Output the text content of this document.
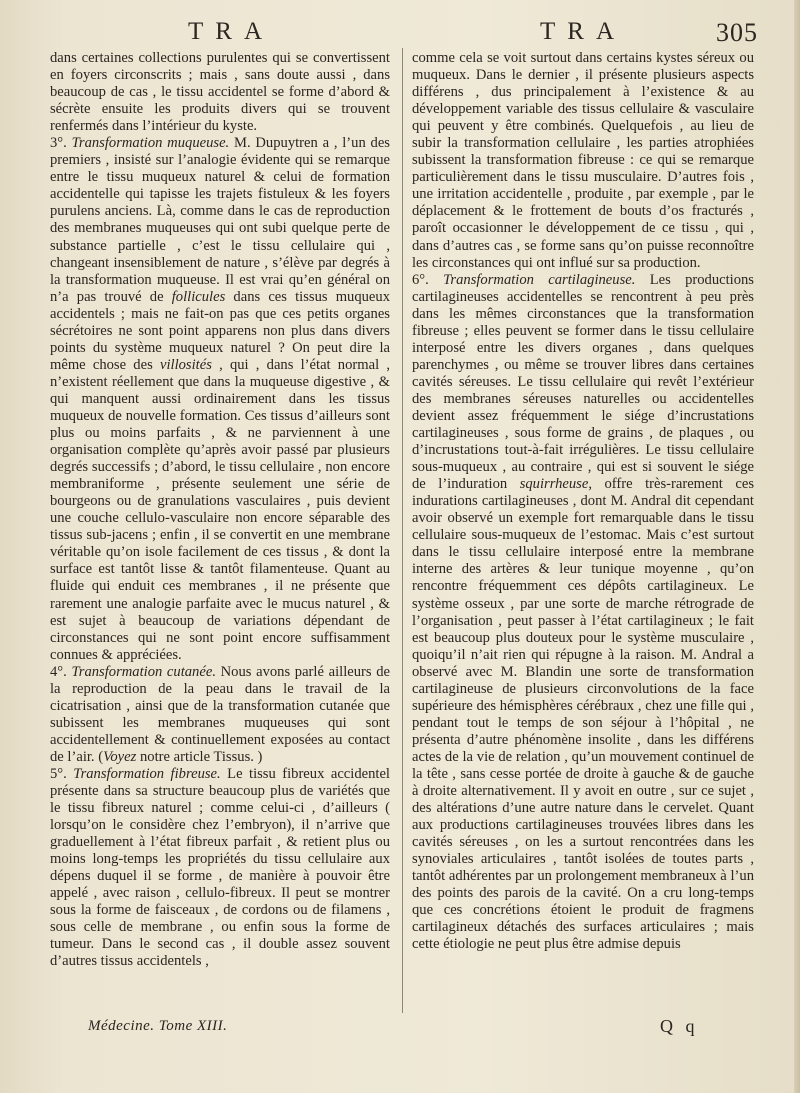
TRA	TRA	305

dans certaines collections purulentes qui se convertissent en foyers circonscrits ; mais , sans doute aussi , dans beaucoup de cas , le tissu accidentel se forme d’abord & sécrète ensuite les produits divers qui se trouvent renfermés dans l’intérieur du kyste.

3°. Transformation muqueuse. M. Dupuytren a , l’un des premiers , insisté sur l’analogie évidente qui se remarque entre le tissu muqueux naturel & celui de formation accidentelle qui tapisse les trajets fistuleux & les foyers purulens anciens. Là, comme dans le cas de reproduction des membranes muqueuses qui ont subi quelque perte de substance partielle , c’est le tissu cellulaire qui , changeant insensiblement de nature , s’élève par degrés à la transformation muqueuse. Il est vrai qu’en général on n’a pas trouvé de follicules dans ces tissus muqueux accidentels ; mais ne fait-on pas que ces petits organes sécrétoires ne sont point apparens non plus dans divers points du système muqueux naturel ? On peut dire la même chose des villosités , qui , dans l’état normal , n’existent réellement que dans la muqueuse digestive , & qui manquent aussi ordinairement dans les tissus muqueux de nouvelle formation. Ces tissus d’ailleurs sont plus ou moins parfaits , & ne parviennent à une organisation complète qu’après avoir passé par plusieurs degrés successifs ; d’abord, le tissu cellulaire , non encore membraniforme , présente seulement une série de bourgeons ou de granulations vasculaires , puis devient une couche cellulo-vasculaire non encore séparable des tissus sub-jacens ; enfin , il se convertit en une membrane véritable qu’on isole facilement de ces tissus , & dont la surface est tantôt lisse & tantôt filamenteuse. Quant au fluide qui enduit ces membranes , il ne présente que rarement une analogie parfaite avec le mucus naturel , & est sujet à beaucoup de variations dépendant de circonstances qui ne sont point encore suffisamment connues & appréciées.

4°. Transformation cutanée. Nous avons parlé ailleurs de la reproduction de la peau dans le travail de la cicatrisation , ainsi que de la transformation cutanée que subissent les membranes muqueuses qui sont accidentellement & continuellement exposées au contact de l’air. (Voyez notre article Tissus. )

5°. Transformation fibreuse. Le tissu fibreux accidentel présente dans sa structure beaucoup plus de variétés que le tissu fibreux naturel ; comme celui-ci , d’ailleurs ( lorsqu’on le considère chez l’embryon), il n’arrive que graduellement à l’état fibreux parfait , & retient plus ou moins long-temps les propriétés du tissu cellulaire aux dépens duquel il se forme , de manière à pouvoir être appelé , avec raison , cellulo-fibreux. Il peut se montrer sous la forme de faisceaux , de cordons ou de filamens , sous celle de membrane , ou enfin sous la forme de tumeur. Dans le second cas , il double assez souvent d’autres tissus accidentels ,

comme cela se voit surtout dans certains kystes séreux ou muqueux. Dans le dernier , il présente plusieurs aspects différens , dus principalement à l’existence & au développement variable des tissus cellulaire & vasculaire qui peuvent y être combinés. Quelquefois , au lieu de subir la transformation cellulaire , les parties atrophiées subissent la transformation fibreuse : ce qui se remarque particulièrement dans le tissu musculaire. D’autres fois , une irritation accidentelle , produite , par exemple , par le déplacement & le frottement de bouts d’os fracturés , paroît occasionner le développement de ce tissu , qui , dans d’autres cas , se forme sans qu’on puisse reconnoître les circonstances qui ont influé sur sa production.

6°. Transformation cartilagineuse. Les productions cartilagineuses accidentelles se rencontrent à peu près dans les mêmes circonstances que la transformation fibreuse ; elles peuvent se former dans le tissu cellulaire interposé entre les divers organes , dans quelques parenchymes , ou même se trouver libres dans certaines cavités séreuses. Le tissu cellulaire qui revêt l’extérieur des membranes séreuses naturelles ou accidentelles devient assez fréquemment le siége d’incrustations cartilagineuses , sous forme de grains , de plaques , ou d’incrustations tout-à-fait irrégulières. Le tissu cellulaire sous-muqueux , au contraire , qui est si souvent le siége de l’induration squirrheuse, offre très-rarement ces indurations cartilagineuses , dont M. Andral dit cependant avoir observé un exemple fort remarquable dans le tissu cellulaire sous-muqueux de l’estomac. Mais c’est surtout dans le tissu cellulaire interposé entre la membrane interne des artères & leur tunique moyenne , qu’on rencontre fréquemment ces dépôts cartilagineux. Le système osseux , par une sorte de marche rétrograde de l’organisation , peut passer à l’état cartilagineux ; le fait est beaucoup plus douteux pour le système musculaire , quoiqu’il n’ait rien qui répugne à la raison. M. Andral a observé avec M. Blandin une sorte de transformation cartilagineuse de plusieurs circonvolutions de la face supérieure des hémisphères cérébraux , chez une fille qui , pendant tout le temps de son séjour à l’hôpital , ne présenta d’autre phénomène insolite , dans les différens actes de la vie de relation , qu’un mouvement continuel de la tête , sans cesse portée de droite à gauche & de gauche à droite alternativement. Il y avoit en outre , sur ce sujet , des altérations d’une autre nature dans le cervelet. Quant aux productions cartilagineuses trouvées libres dans les cavités séreuses , on les a surtout rencontrées dans les synoviales articulaires , tantôt isolées de toutes parts , tantôt adhérentes par un prolongement membraneux à l’un des points des parois de la cavité. On a cru long-temps que ces concrétions étoient le produit de fragmens cartilagineux détachés des surfaces articulaires ; mais cette étiologie ne peut plus être admise depuis

Médecine. Tome XIII.	Q q
